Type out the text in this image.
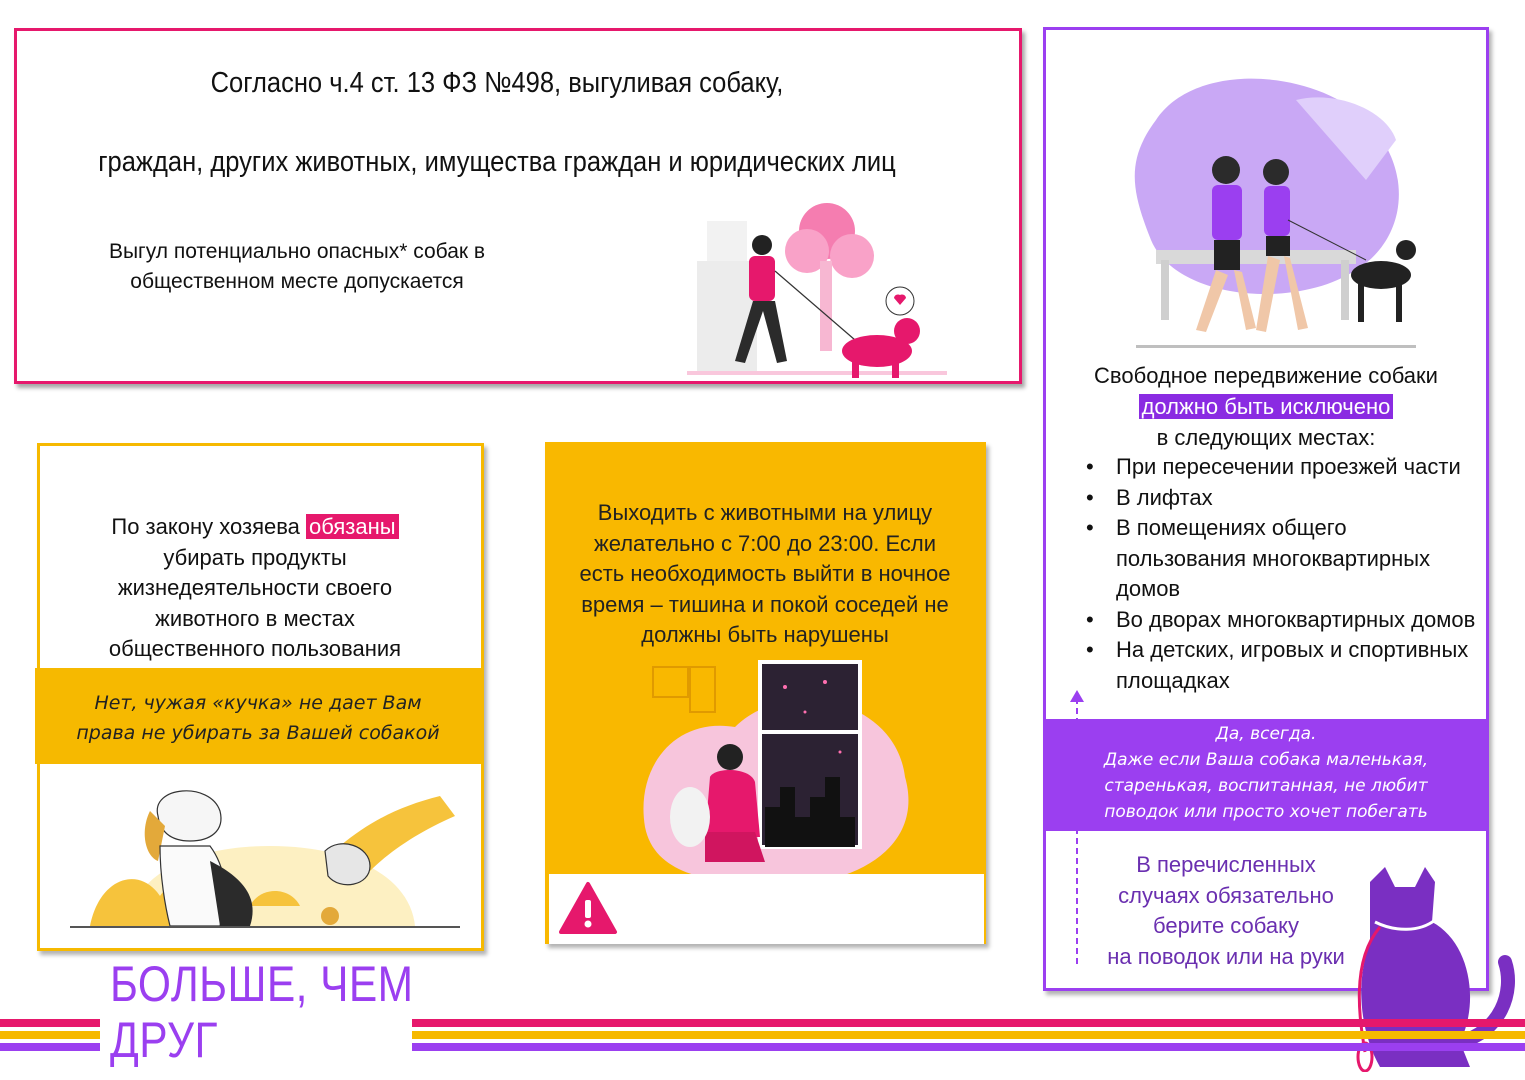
Согласно ч.4 ст. 13 ФЗ №498, выгуливая собаку,
граждан, других животных, имущества граждан и юридических лиц
Выгул потенциально опасных* собак в
общественном месте допускается
Свободное передвижение собаки
должно быть исключено
в следующих местах:
• При пересечении проезжей части
• В лифтах
• В помещениях общего пользования многоквартирных домов
• Во дворах многоквартирных домов
• На детских, игровых и спортивных площадках
Да, всегда.
Даже если Ваша собака маленькая,
старенькая, воспитанная, не любит
поводок или просто хочет побегать
В перечисленных
случаях обязательно
берите собаку
на поводок или на руки
По закону хозяева обязаны
убирать продукты
жизнедеятельности своего
животного в местах
общественного пользования
Нет, чужая «кучка» не дает Вам
права не убирать за Вашей собакой
Выходить с животными на улицу
желательно с 7:00 до 23:00. Если
есть необходимость выйти в ночное
время – тишина и покой соседей не
должны быть нарушены
БОЛЬШЕ, ЧЕМ
ДРУГ
